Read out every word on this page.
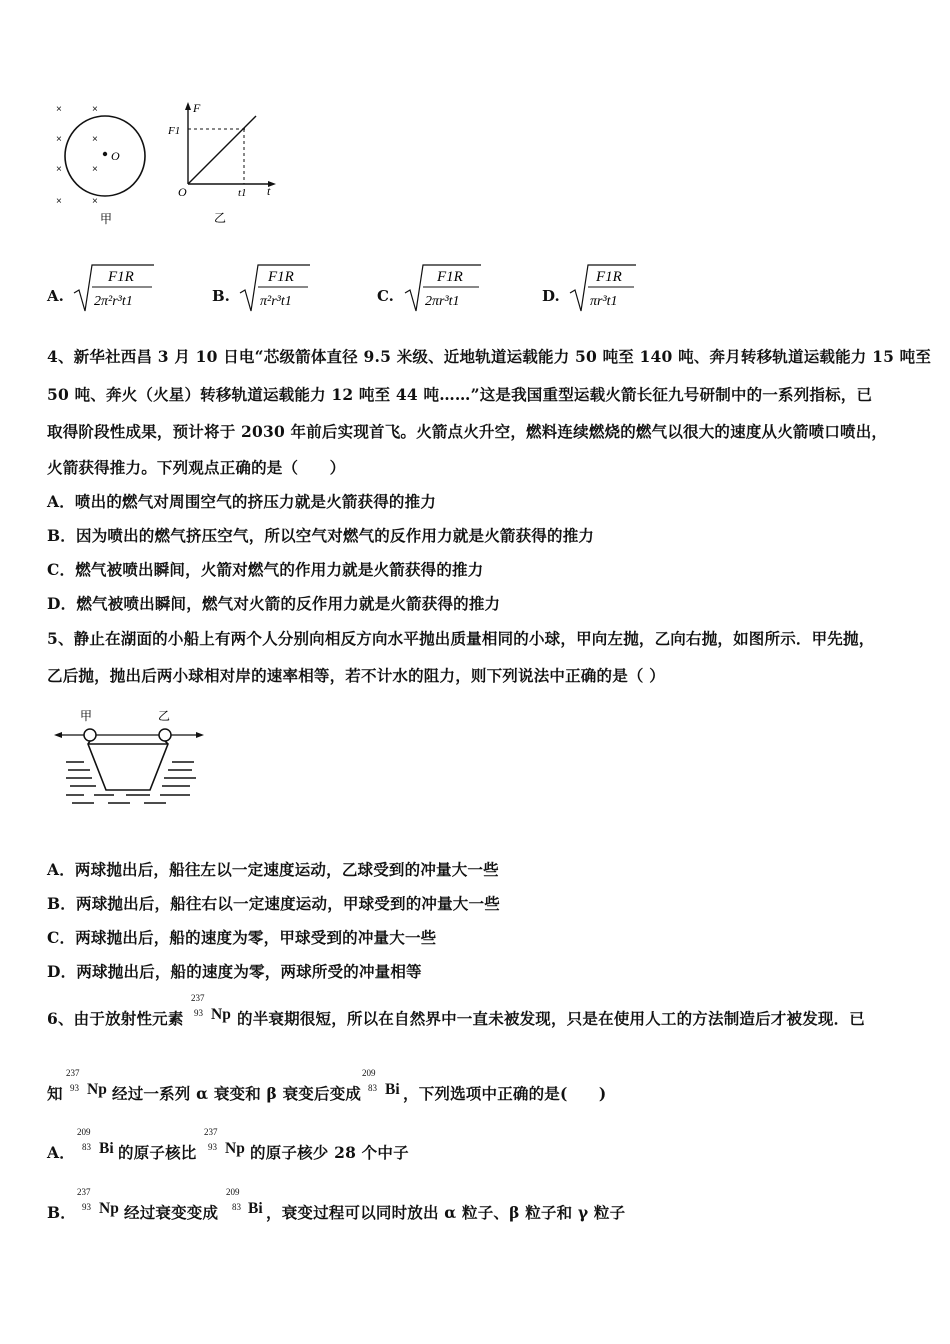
×	×
×	×
×	×
×	×
O
甲
F
F1
O	t1 t
乙
A.
F1R
2π²r³t1	B.
F1R
π²r³t1	C.
F1R
2πr³t1	D.
F1R
πr³t1
4、新华社西昌 3 月 10 日电“芯级箭体直径 9.5 米级、近地轨道运载能力 50 吨至 140 吨、奔月转移轨道运载能力 15 吨至
50 吨、奔火（火星）转移轨道运载能力 12 吨至 44 吨……”这是我国重型运载火箭长征九号研制中的一系列指标，已
取得阶段性成果，预计将于 2030 年前后实现首飞。火箭点火升空，燃料连续燃烧的燃气以很大的速度从火箭喷口喷出，
火箭获得推力。下列观点正确的是（　　）
A．喷出的燃气对周围空气的挤压力就是火箭获得的推力
B．因为喷出的燃气挤压空气，所以空气对燃气的反作用力就是火箭获得的推力
C．燃气被喷出瞬间，火箭对燃气的作用力就是火箭获得的推力
D．燃气被喷出瞬间，燃气对火箭的反作用力就是火箭获得的推力
5、静止在湖面的小船上有两个人分别向相反方向水平抛出质量相同的小球，甲向左抛，乙向右抛，如图所示．甲先抛，
乙后抛，抛出后两小球相对岸的速率相等，若不计水的阻力，则下列说法中正确的是（ ）
甲	乙
A．两球抛出后，船往左以一定速度运动，乙球受到的冲量大一些
B．两球抛出后，船往右以一定速度运动，甲球受到的冲量大一些
C．两球抛出后，船的速度为零，甲球受到的冲量大一些
D．两球抛出后，船的速度为零，两球所受的冲量相等
6、由于放射性元素
237
93 Np 的半衰期很短，所以在自然界中一直未被发现，只是在使用人工的方法制造后才被发现．已
知
237
93 Np 经过一系列 α 衰变和 β 衰变后变成
209
83 Bi ，下列选项中正确的是(　　)
A．
209
83 Bi 的原子核比
237
93 Np 的原子核少 28 个中子
B．
237
93 Np 经过衰变变成
209
83 Bi ，衰变过程可以同时放出 α 粒子、β 粒子和 γ 粒子
